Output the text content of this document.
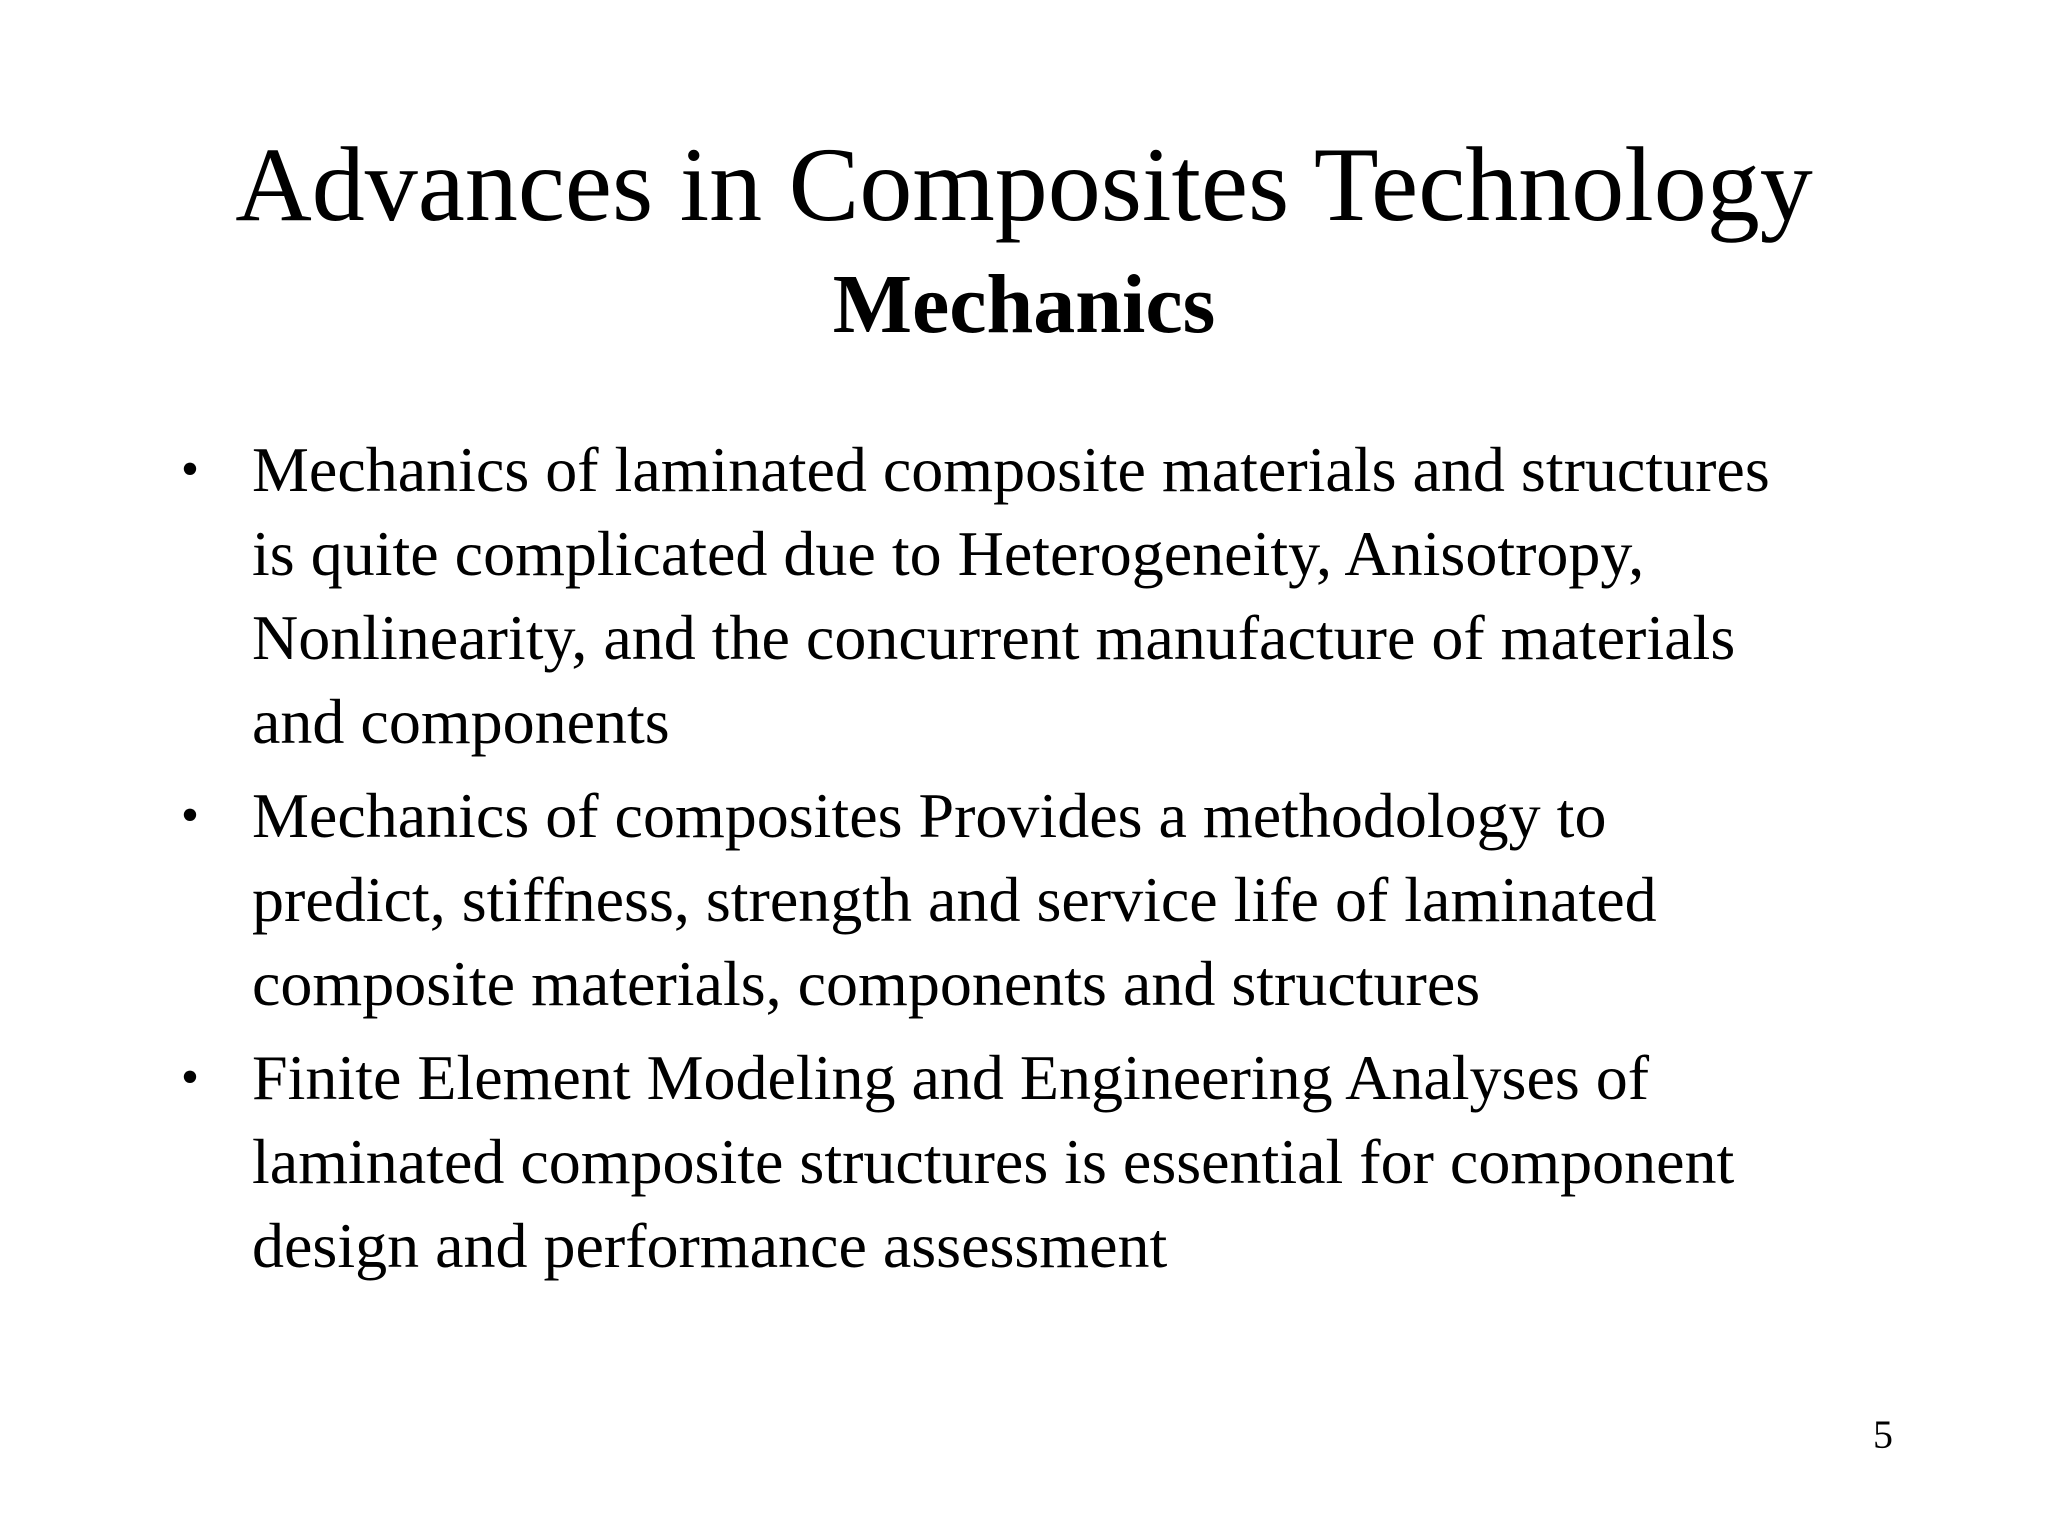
Advances in Composites Technology
Mechanics
• Mechanics of laminated composite materials and structures
is quite complicated due to Heterogeneity, Anisotropy,
Nonlinearity, and the concurrent manufacture of materials
and components
• Mechanics of composites Provides a methodology to
predict, stiffness, strength and service life of laminated
composite materials, components and structures
• Finite Element Modeling and Engineering Analyses of
laminated composite structures is essential for component
design and performance assessment
5
